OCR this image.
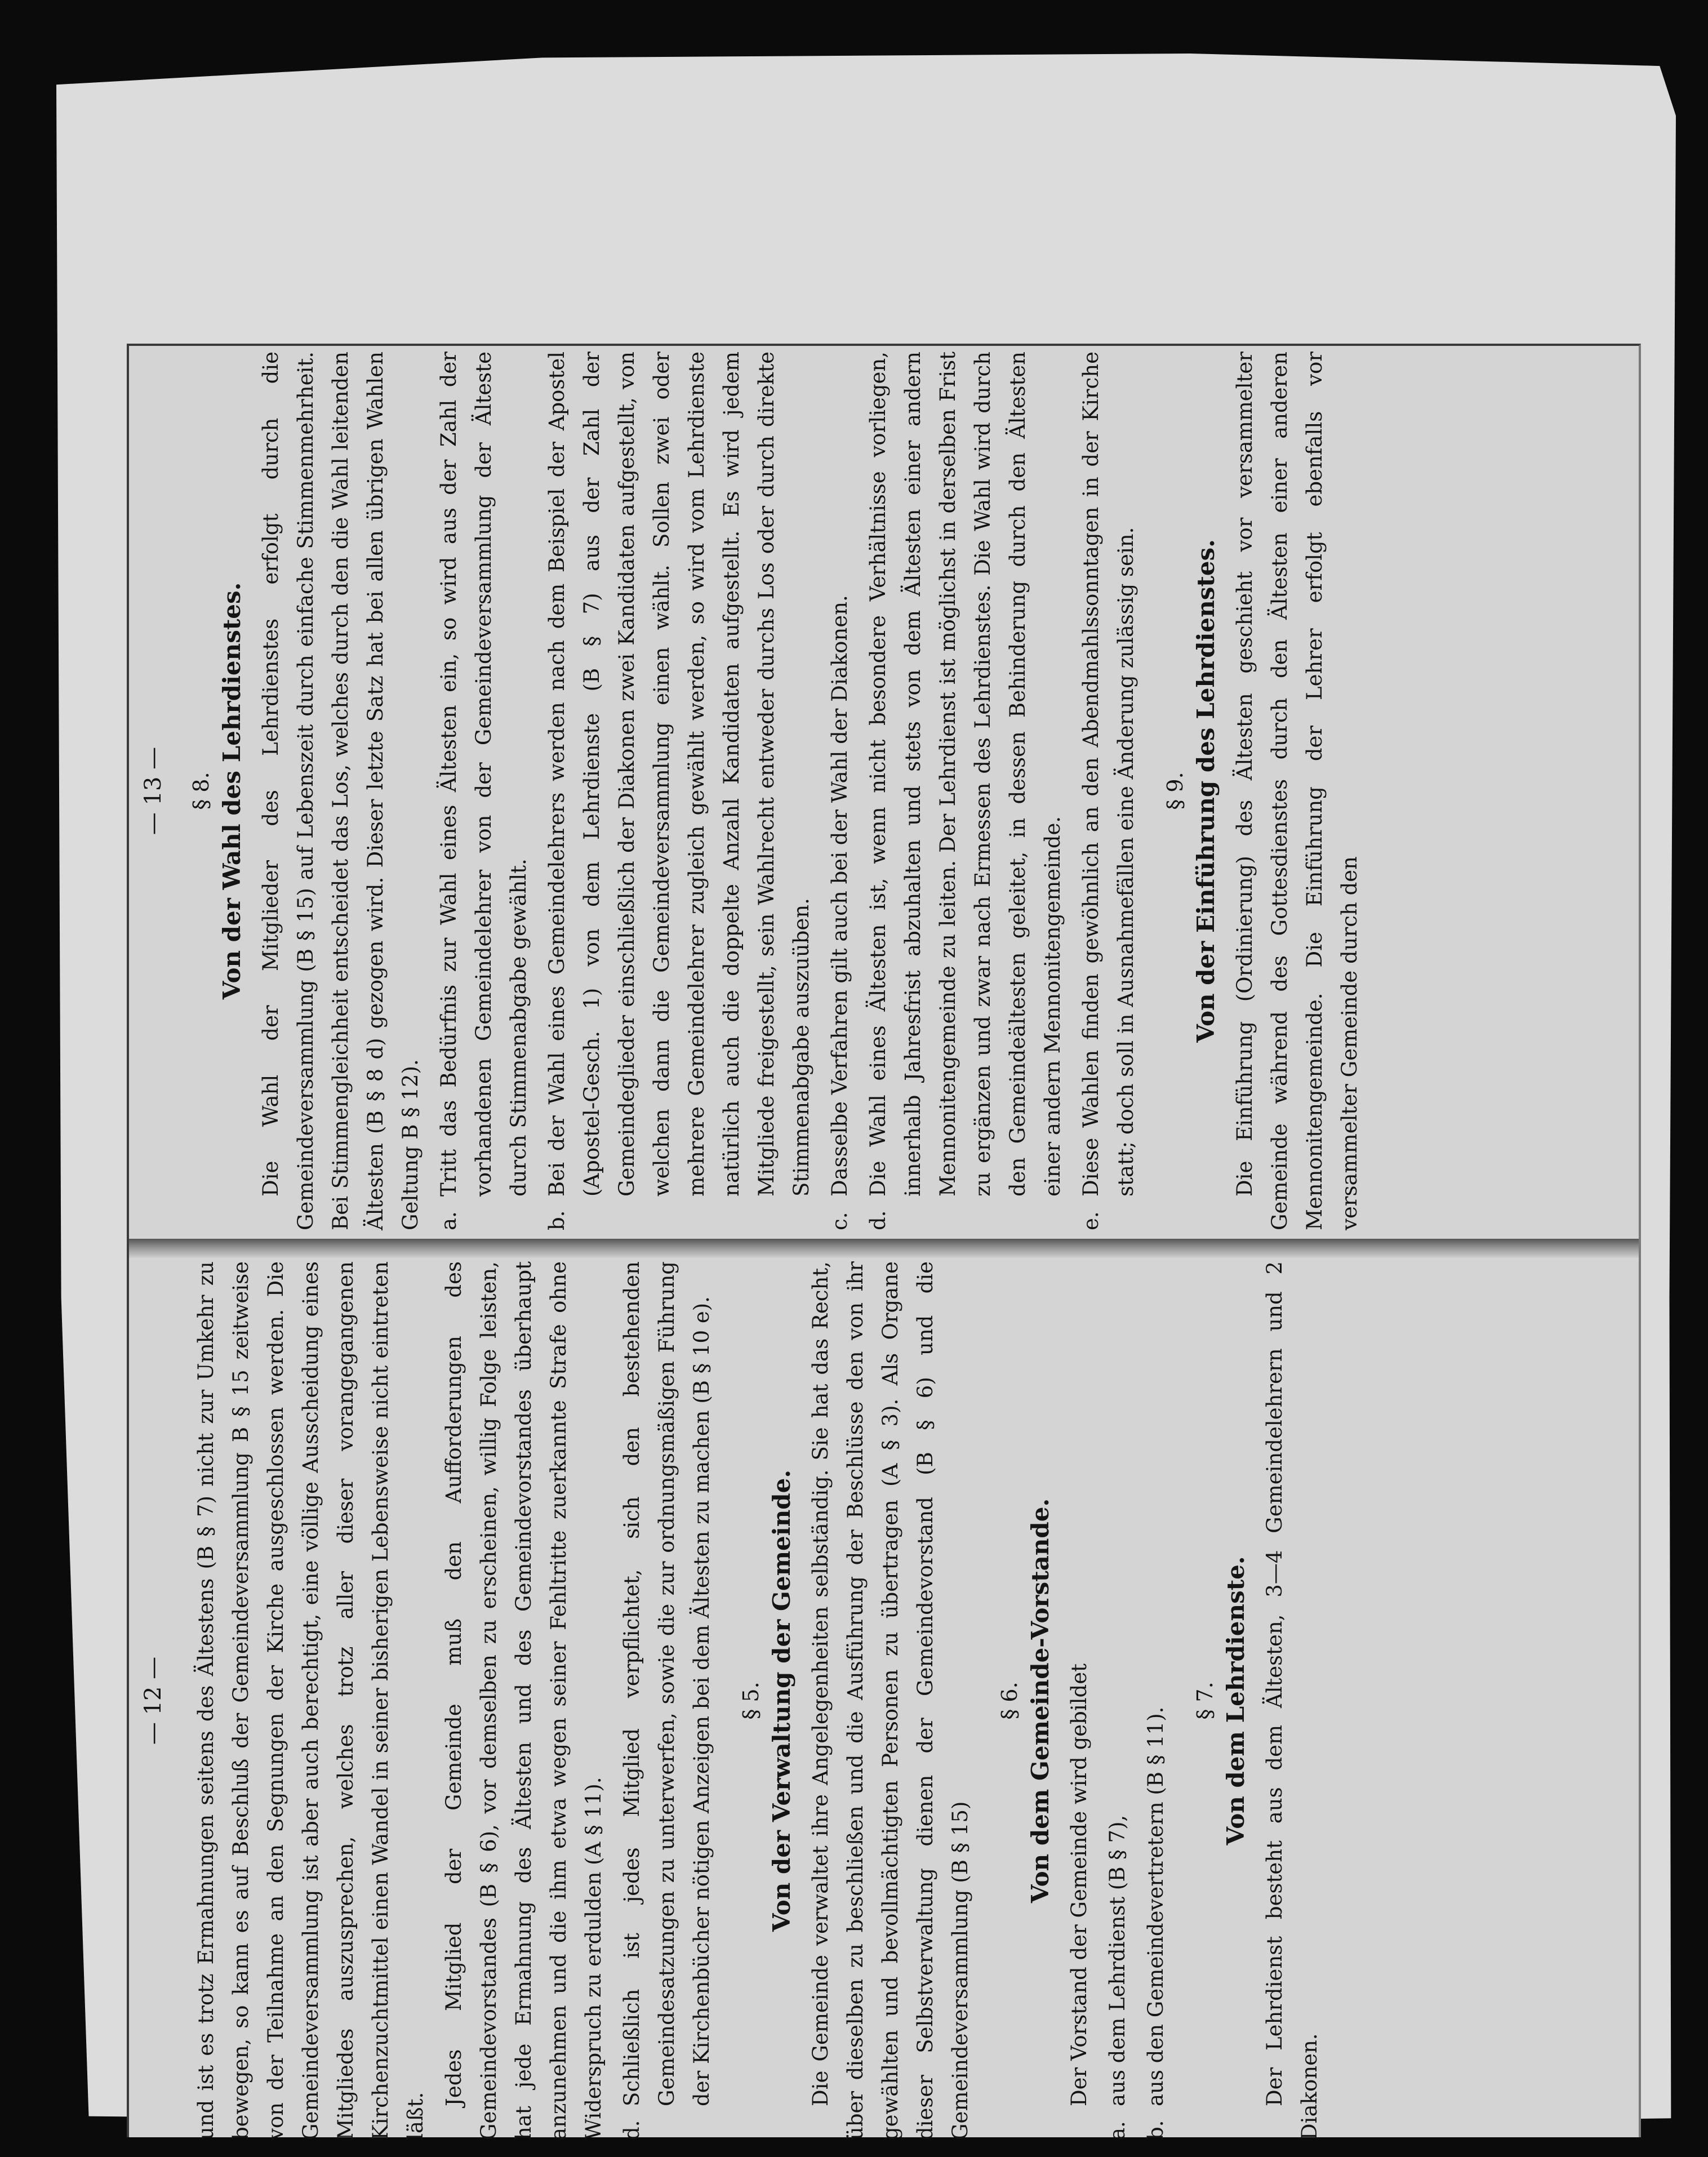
— 13 — § 8. Von der Wahl des Lehrdienstes. Die Wahl der Mitglieder des Lehrdienstes erfolgt durch die Gemeindeversammlung (B § 15) auf Lebenszeit durch einfache Stimmenmehrheit. Bei Stimmengleichheit entscheidet das Los, welches durch den die Wahl leitenden Ältesten (B § 8 d) gezogen wird. Dieser letzte Satz hat bei allen übrigen Wahlen Geltung B § 12). a.
Tritt das Bedürfnis zur Wahl eines Ältesten ein, so wird aus der Zahl der vorhandenen Gemeindelehrer von der Gemeindeversammlung der Älteste durch Stimmenabgabe gewählt.

b.
Bei der Wahl eines Gemeindelehrers werden nach dem Beispiel der Apostel (Apostel-Gesch. 1) von dem Lehrdienste (B § 7) aus der Zahl der Gemeindeglieder einschließlich der Diakonen zwei Kandidaten aufgestellt, von welchen dann die Gemeindeversammlung einen wählt. Sollen zwei oder mehrere Gemeindelehrer zugleich gewählt werden, so wird vom Lehrdienste natürlich auch die doppelte Anzahl Kandidaten aufgestellt. Es wird jedem Mitgliede freigestellt, sein Wahlrecht entweder durchs Los oder durch direkte Stimmenabgabe auszuüben.

c.
Dasselbe Verfahren gilt auch bei der Wahl der Diakonen.

d.
Die Wahl eines Ältesten ist, wenn nicht besondere Verhältnisse vorliegen, innerhalb Jahresfrist abzuhalten und stets von dem Ältesten einer andern Mennonitengemeinde zu leiten. Der Lehrdienst ist möglichst in derselben Frist zu ergänzen und zwar nach Ermessen des Lehrdienstes. Die Wahl wird durch den Gemeindeältesten geleitet, in dessen Behinderung durch den Ältesten einer andern Mennonitengemeinde.

e.
Diese Wahlen finden gewöhnlich an den Abendmahlssonntagen in der Kirche statt; doch soll in Ausnahmefällen eine Änderung zulässig sein. § 9. Von der Einführung des Lehrdienstes. Die Einführung (Ordinierung) des Ältesten geschieht vor versammelter Gemeinde während des Gottesdienstes durch den Ältesten einer anderen Mennonitengemeinde. Die Einführung der Lehrer erfolgt ebenfalls vor versammelter Gemeinde durch den

— 12 — und ist es trotz Ermahnungen seitens des Ältestens (B § 7) nicht zur Umkehr zu bewegen, so kann es auf Beschluß der Gemeindeversammlung B § 15 zeitweise von der Teilnahme an den Segnungen der Kirche ausgeschlossen werden. Die Gemeindeversammlung ist aber auch berechtigt, eine völlige Ausscheidung eines Mitgliedes auszusprechen, welches trotz aller dieser vorangegangenen Kirchenzuchtmittel einen Wandel in seiner bisherigen Lebensweise nicht eintreten läßt.

Jedes Mitglied der Gemeinde muß den Aufforderungen des Gemeindevorstandes (B § 6), vor demselben zu erscheinen, willig Folge leisten, hat jede Ermahnung des Ältesten und des Gemeindevorstandes überhaupt anzunehmen und die ihm etwa wegen seiner Fehltritte zuerkannte Strafe ohne Widerspruch zu erdulden (A § 11). d.
Schließlich ist jedes Mitglied verpflichtet, sich den bestehenden Gemeindesatzungen zu unterwerfen, sowie die zur ordnungsmäßigen Führung der Kirchenbücher nötigen Anzeigen bei dem Ältesten zu machen (B § 10 e). § 5. Von der Verwaltung der Gemeinde. Die Gemeinde verwaltet ihre Angelegenheiten selbständig. Sie hat das Recht, über dieselben zu beschließen und die Ausführung der Beschlüsse den von ihr gewählten und bevollmächtigten Personen zu übertragen (A § 3). Als Organe dieser Selbstverwaltung dienen der Gemeindevorstand (B § 6) und die Gemeindeversammlung (B § 15)

§ 6. Von dem Gemeinde-Vorstande. Der Vorstand der Gemeinde wird gebildet

a.
aus dem Lehrdienst (B § 7),

b.
aus den Gemeindevertretern (B § 11).

§ 7. Von dem Lehrdienste. Der Lehrdienst besteht aus dem Ältesten, 3—4 Gemeindelehrern und 2 Diakonen.
